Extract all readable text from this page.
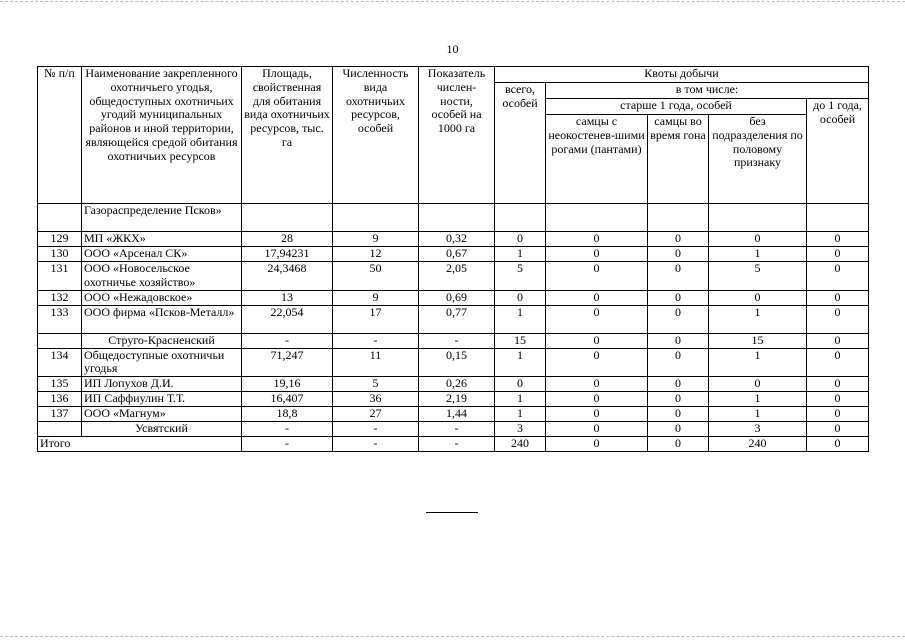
10
№ п/п	Наименование закрепленного охотничьего угодья, общедоступных охотничьих угодий муниципальных районов и иной территории, являющейся средой обитания охотничьих ресурсов	Площадь, свойственная для обитания вида охотничьих ресурсов, тыс. га	Численность вида охотничьих ресурсов, особей	Показатель числен-ности, особей на 1000 га	Квоты добычи				
					всего, особей	в том числе:			
						старше 1 года, особей			до 1 года, особей
						самцы с неокостенев-шими рогами (пантами)	самцы во время гона	без подразделения по половому признаку	
	Газораспределение Псков»								
129	МП «ЖКХ»	28	9	0,32	0	0	0	0	0
130	ООО «Арсенал СК»	17,94231	12	0,67	1	0	0	1	0
131	ООО «Новосельское охотничье хозяйство»	24,3468	50	2,05	5	0	0	5	0
132	ООО «Нежадовское»	13	9	0,69	0	0	0	0	0
133	ООО фирма «Псков-Металл»	22,054	17	0,77	1	0	0	1	0
	Струго-Красненский	-	-	-	15	0	0	15	0
134	Общедоступные охотничьи угодья	71,247	11	0,15	1	0	0	1	0
135	ИП Лопухов Д.И.	19,16	5	0,26	0	0	0	0	0
136	ИП Саффиулин Т.Т.	16,407	36	2,19	1	0	0	1	0
137	ООО «Магнум»	18,8	27	1,44	1	0	0	1	0
	Усвятский	-	-	-	3	0	0	3	0
Итого		-	-	-	240	0	0	240	0
